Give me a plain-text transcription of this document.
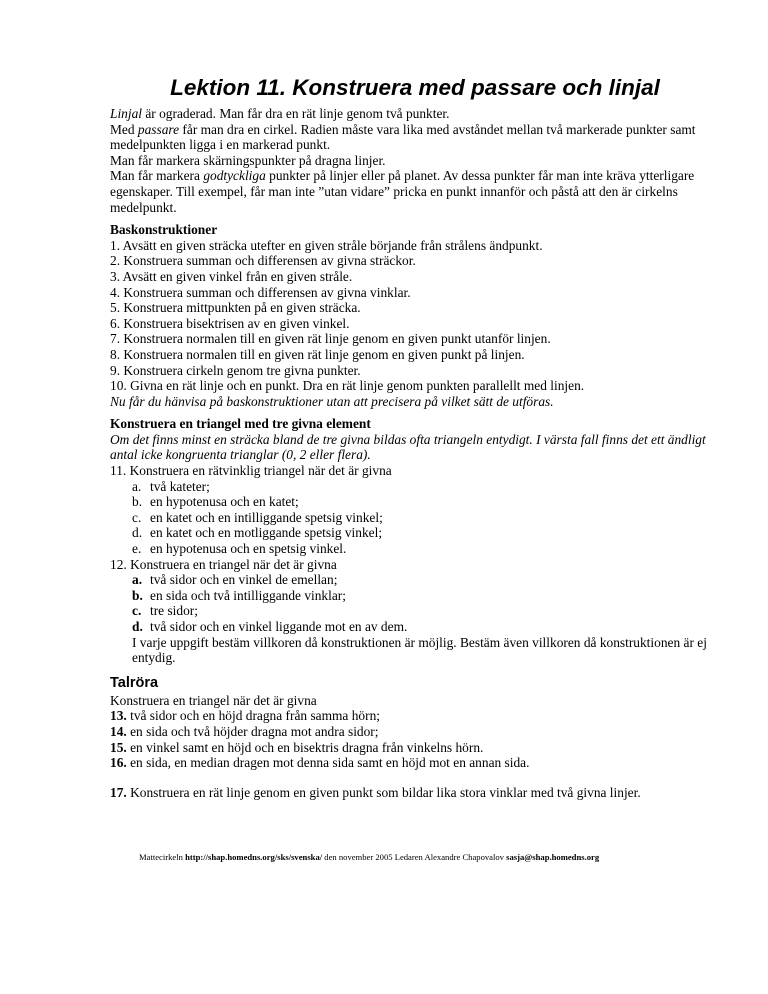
Lektion 11. Konstruera med passare och linjal

Linjal är ograderad. Man får dra en rät linje genom två punkter.

Med passare får man dra en cirkel. Radien måste vara lika med avståndet mellan två markerade punkter samt medelpunkten ligga i en markerad punkt.

Man får markera skärningspunkter på dragna linjer.

Man får markera godtyckliga punkter på linjer eller på planet. Av dessa punkter får man inte kräva ytterligare egenskaper. Till exempel, får man inte ”utan vidare” pricka en punkt innanför och påstå att den är cirkelns medelpunkt.

Baskonstruktioner

1. Avsätt en given sträcka utefter en given stråle börjande från strålens ändpunkt.

2. Konstruera summan och differensen av givna sträckor.

3. Avsätt en given vinkel från en given stråle.

4. Konstruera summan och differensen av givna vinklar.

5. Konstruera mittpunkten på en given sträcka.

6. Konstruera bisektrisen av en given vinkel.

7. Konstruera normalen till en given rät linje genom en given punkt utanför linjen.

8. Konstruera normalen till en given rät linje genom en given punkt på linjen.

9. Konstruera cirkeln genom tre givna punkter.

10. Givna en rät linje och en punkt. Dra en rät linje genom punkten parallellt med linjen.

Nu får du hänvisa på baskonstruktioner utan att precisera på vilket sätt de utföras.

Konstruera en triangel med tre givna element

Om det finns minst en sträcka bland de tre givna bildas ofta triangeln entydigt. I värsta fall finns det ett ändligt antal icke kongruenta trianglar (0, 2 eller flera).

11. Konstruera en rätvinklig triangel när det är givna

a. två kateter;
b. en hypotenusa och en katet;
c. en katet och en intilliggande spetsig vinkel;
d. en katet och en motliggande spetsig vinkel;
e. en hypotenusa och en spetsig vinkel.

12. Konstruera en triangel när det är givna

a. två sidor och en vinkel de emellan;
b. en sida och två intilliggande vinklar;
c. tre sidor;
d. två sidor och en vinkel liggande mot en av dem.

I varje uppgift bestäm villkoren då konstruktionen är möjlig. Bestäm även villkoren då konstruktionen är ej entydig.

Talröra

Konstruera en triangel när det är givna

13. två sidor och en höjd dragna från samma hörn;

14. en sida och två höjder dragna mot andra sidor;

15. en vinkel samt en höjd och en bisektris dragna från vinkelns hörn.

16. en sida, en median dragen mot denna sida samt en höjd mot en annan sida.

17. Konstruera en rät linje genom en given punkt som bildar lika stora vinklar med två givna linjer.

Mattecirkeln http://shap.homedns.org/sks/svenska/ den november 2005 Ledaren Alexandre Chapovalov sasja@shap.homedns.org
